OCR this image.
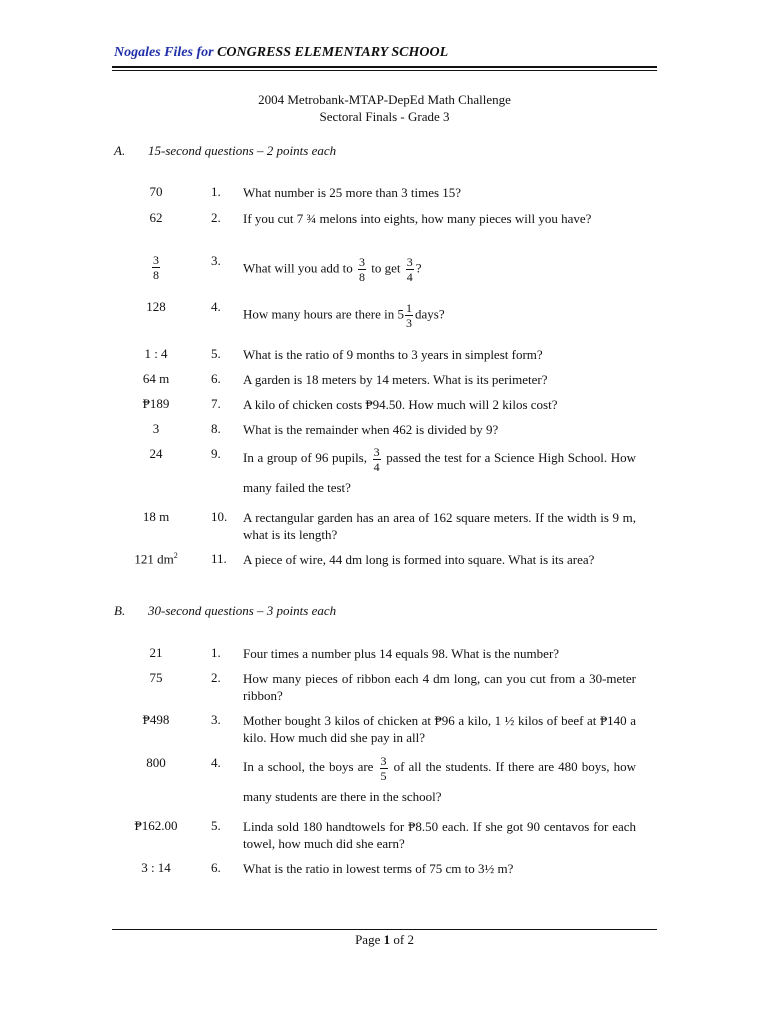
Nogales Files for CONGRESS ELEMENTARY SCHOOL
2004 Metrobank-MTAP-DepEd Math Challenge
Sectoral Finals - Grade 3
A. 15-second questions – 2 points each
70	1. What number is 25 more than 3 times 15?
62	2. If you cut 7 ¾ melons into eights, how many pieces will you have?
$\frac{3}{8}$	3. What will you add to $\frac{3}{8}$ to get $\frac{3}{4}$ ?
128	4. How many hours are there in $5 \frac{1}{3}$ days?
1 : 4	5. What is the ratio of 9 months to 3 years in simplest form?
64 m	6. A garden is 18 meters by 14 meters. What is its perimeter?
₱189	7. A kilo of chicken costs ₱94.50. How much will 2 kilos cost?
3	8. What is the remainder when 462 is divided by 9?
24	9. In a group of 96 pupils, $\frac{3}{4}$ passed the test for a Science High School. How many failed the test?
18 m	10. A rectangular garden has an area of 162 square meters. If the width is 9 m, what is its length?
121 $dm^2$	11. A piece of wire, 44 dm long is formed into square. What is its area?
B. 30-second questions – 3 points each
21	1. Four times a number plus 14 equals 98. What is the number?
75	2. How many pieces of ribbon each 4 dm long, can you cut from a 30-meter ribbon?
₱498	3. Mother bought 3 kilos of chicken at ₱96 a kilo, 1 ½ kilos of beef at ₱140 a kilo. How much did she pay in all?
800	4. In a school, the boys are $\frac{3}{5}$ of all the students. If there are 480 boys, how many students are there in the school?
₱162.00	5. Linda sold 180 handtowels for ₱8.50 each. If she got 90 centavos for each towel, how much did she earn?
3 : 14	6. What is the ratio in lowest terms of 75 cm to 3½ m?
Page 1 of 2
